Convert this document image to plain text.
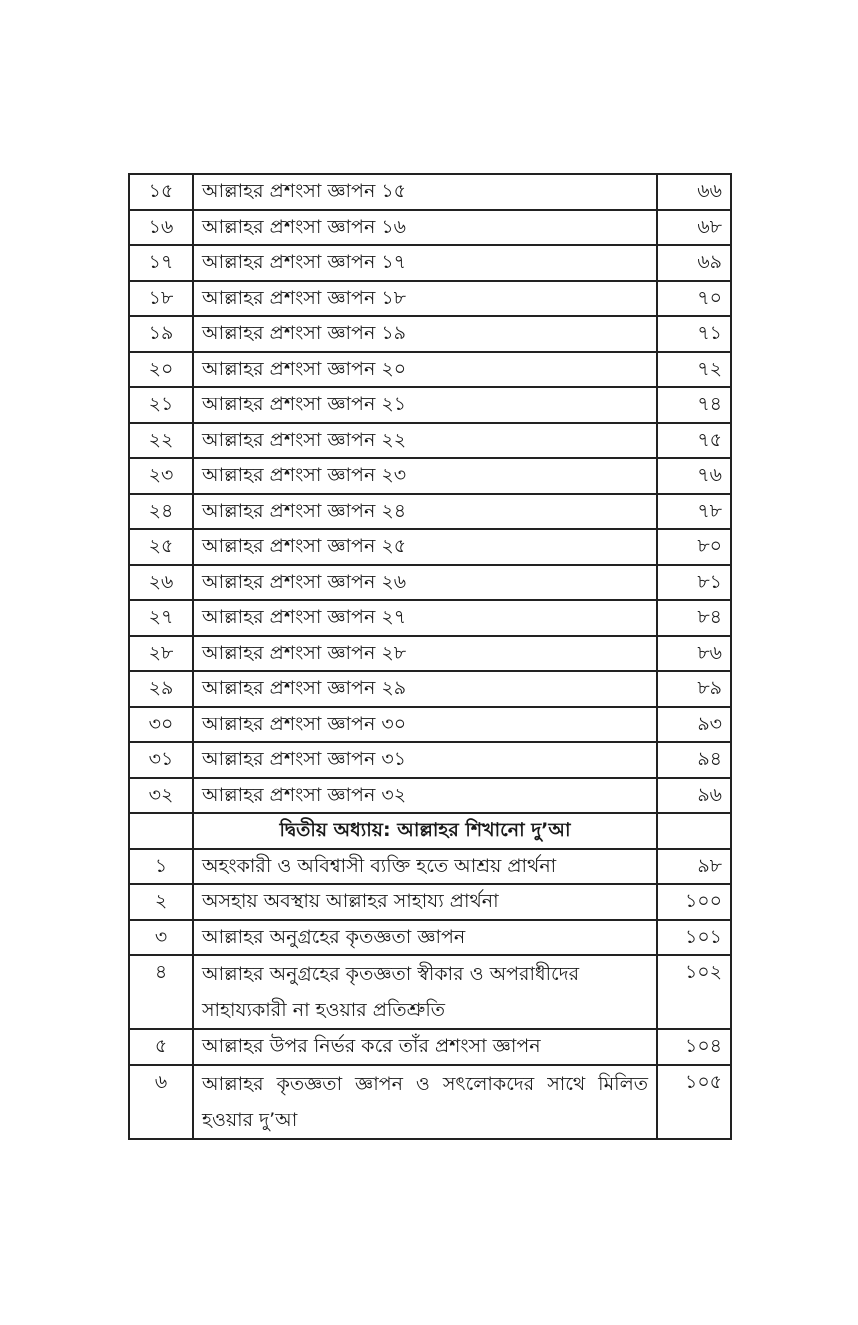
১৫	আল্লাহর প্রশংসা জ্ঞাপন ১৫	৬৬
১৬	আল্লাহর প্রশংসা জ্ঞাপন ১৬	৬৮
১৭	আল্লাহর প্রশংসা জ্ঞাপন ১৭	৬৯
১৮	আল্লাহর প্রশংসা জ্ঞাপন ১৮	৭০
১৯	আল্লাহর প্রশংসা জ্ঞাপন ১৯	৭১
২০	আল্লাহর প্রশংসা জ্ঞাপন ২০	৭২
২১	আল্লাহর প্রশংসা জ্ঞাপন ২১	৭৪
২২	আল্লাহর প্রশংসা জ্ঞাপন ২২	৭৫
২৩	আল্লাহর প্রশংসা জ্ঞাপন ২৩	৭৬
২৪	আল্লাহর প্রশংসা জ্ঞাপন ২৪	৭৮
২৫	আল্লাহর প্রশংসা জ্ঞাপন ২৫	৮০
২৬	আল্লাহর প্রশংসা জ্ঞাপন ২৬	৮১
২৭	আল্লাহর প্রশংসা জ্ঞাপন ২৭	৮৪
২৮	আল্লাহর প্রশংসা জ্ঞাপন ২৮	৮৬
২৯	আল্লাহর প্রশংসা জ্ঞাপন ২৯	৮৯
৩০	আল্লাহর প্রশংসা জ্ঞাপন ৩০	৯৩
৩১	আল্লাহর প্রশংসা জ্ঞাপন ৩১	৯৪
৩২	আল্লাহর প্রশংসা জ্ঞাপন ৩২	৯৬
	দ্বিতীয় অধ্যায়: আল্লাহর শিখানো দু’আ	
১	অহংকারী ও অবিশ্বাসী ব্যক্তি হতে আশ্রয় প্রার্থনা	৯৮
২	অসহায় অবস্থায় আল্লাহর সাহায্য প্রার্থনা	১০০
৩	আল্লাহর অনুগ্রহের কৃতজ্ঞতা জ্ঞাপন	১০১
৪	আল্লাহর অনুগ্রহের কৃতজ্ঞতা স্বীকার ও অপরাধীদের সাহায্যকারী না হওয়ার প্রতিশ্রুতি	১০২
৫	আল্লাহর উপর নির্ভর করে তাঁর প্রশংসা জ্ঞাপন	১০৪
৬	আল্লাহর কৃতজ্ঞতা জ্ঞাপন ও সৎলোকদের সাথে মিলিত হওয়ার দু’আ	১০৫
